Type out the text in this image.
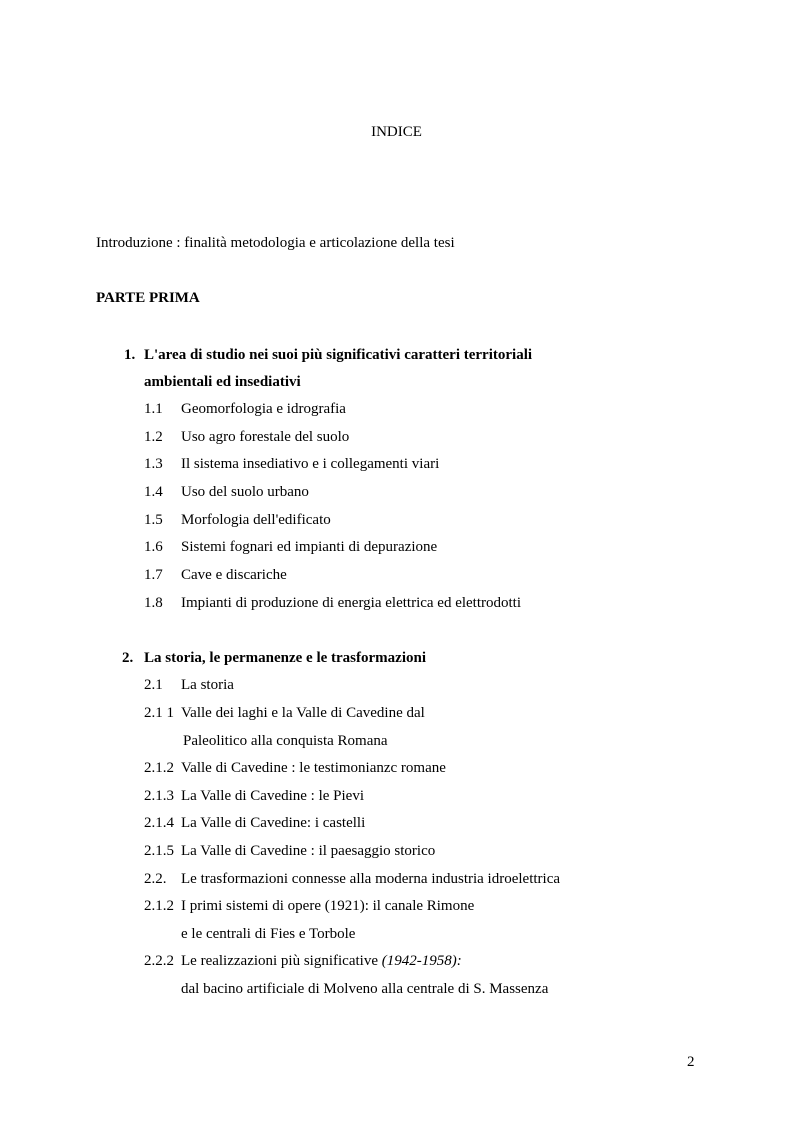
INDICE
Introduzione : finalità metodologia e articolazione della tesi
PARTE PRIMA
1. L'area di studio nei suoi più significativi caratteri territoriali
ambientali ed insediativi
1.1 Geomorfologia e idrografia
1.2 Uso agro forestale del suolo
1.3 Il sistema insediativo e i collegamenti viari
1.4 Uso del suolo urbano
1.5 Morfologia dell'edificato
1.6 Sistemi fognari ed impianti di depurazione
1.7 Cave e discariche
1.8 Impianti di produzione di energia elettrica ed elettrodotti
2. La storia, le permanenze e le trasformazioni
2.1 La storia
2.1 1 Valle dei laghi e la Valle di Cavedine dal
Paleolitico alla conquista Romana
2.1.2 Valle di Cavedine : le testimonianzc romane
2.1.3 La Valle di Cavedine : le Pievi
2.1.4 La Valle di Cavedine: i castelli
2.1.5 La Valle di Cavedine : il paesaggio storico
2.2. Le trasformazioni connesse alla moderna industria idroelettrica
2.1.2 I primi sistemi di opere (1921): il canale Rimone
e le centrali di Fies e Torbole
2.2.2 Le realizzazioni più significative (1942-1958):
dal bacino artificiale di Molveno alla centrale di S. Massenza
2
